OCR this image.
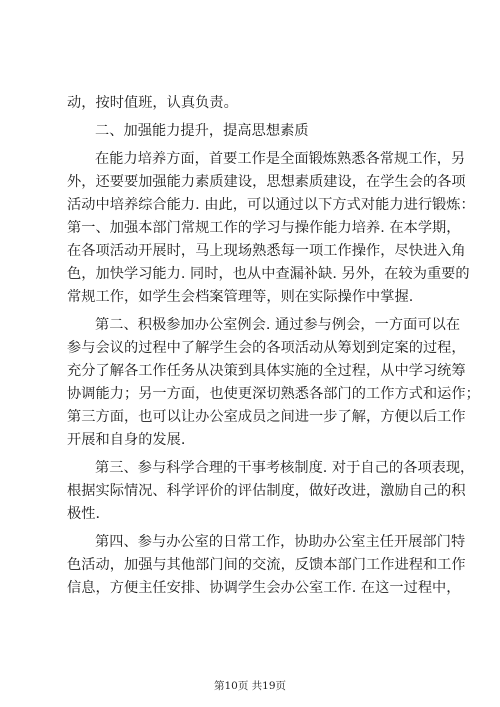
动，按时值班，认真负责。
二、加强能力提升，提高思想素质
在能力培养方面，首要工作是全面锻炼熟悉各常规工作，另
外，还要要加强能力素质建设，思想素质建设，在学生会的各项
活动中培养综合能力. 由此，可以通过以下方式对能力进行锻炼：
第一、加强本部门常规工作的学习与操作能力培养. 在本学期，
在各项活动开展时，马上现场熟悉每一项工作操作，尽快进入角
色，加快学习能力. 同时，也从中查漏补缺. 另外，在较为重要的
常规工作，如学生会档案管理等，则在实际操作中掌握.
第二、积极参加办公室例会. 通过参与例会，一方面可以在
参与会议的过程中了解学生会的各项活动从筹划到定案的过程，
充分了解各工作任务从决策到具体实施的全过程，从中学习统筹
协调能力；另一方面，也使更深切熟悉各部门的工作方式和运作；
第三方面，也可以让办公室成员之间进一步了解，方便以后工作
开展和自身的发展.
第三、参与科学合理的干事考核制度. 对于自己的各项表现，
根据实际情况、科学评价的评估制度，做好改进，激励自己的积
极性.
第四、参与办公室的日常工作，协助办公室主任开展部门特
色活动，加强与其他部门间的交流，反馈本部门工作进程和工作
信息，方便主任安排、协调学生会办公室工作. 在这一过程中，
第10页 共19页
